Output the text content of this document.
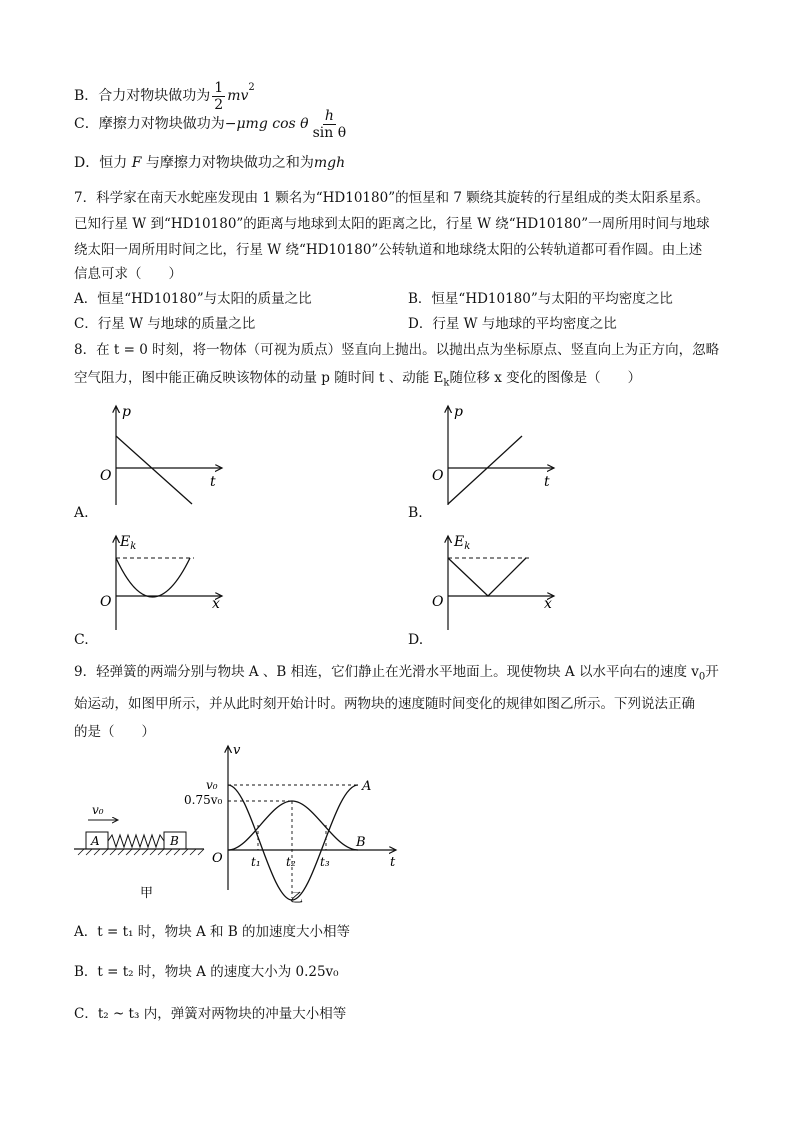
B．合力对物块做功为 $\frac{1}{2} mv^2$
C．摩擦力对物块做功为−μmg cos θ $\frac{h}{\text{sin θ}}$
D．恒力 F 与摩擦力对物块做功之和为mgh
7．科学家在南天水蛇座发现由 1 颗名为“HD10180”的恒星和 7 颗绕其旋转的行星组成的类太阳系星系。
已知行星 W 到“HD10180”的距离与地球到太阳的距离之比，行星 W 绕“HD10180”一周所用时间与地球
绕太阳一周所用时间之比，行星 W 绕“HD10180”公转轨道和地球绕太阳的公转轨道都可看作圆。由上述
信息可求（　　）
A．恒星“HD10180”与太阳的质量之比	B．恒星“HD10180”与太阳的平均密度之比
C．行星 W 与地球的质量之比	D．行星 W 与地球的平均密度之比
8．在 t = 0 时刻，将一物体（可视为质点）竖直向上抛出。以抛出点为坐标原点、竖直向上为正方向，忽略
空气阻力，图中能正确反映该物体的动量 p 随时间 t 、动能 $E_k$随位移 x 变化的图像是（　　）
p
O	t
A.
p
O	t
B.
$E_k$
O	x
C.
$E_k$
O	x
D.
9．轻弹簧的两端分别与物块 A 、B 相连，它们静止在光滑水平地面上。现使物块 A 以水平向右的速度 $v_0$开
始运动，如图甲所示，并从此时刻开始计时。两物块的速度随时间变化的规律如图乙所示。下列说法正确
的是（　　）
v₀
A	B
甲
v
v₀
0.75v₀
O
A
B
t₁ t₂ t₃	t
乙
A．t = t₁ 时，物块 A 和 B 的加速度大小相等
B．t = t₂ 时，物块 A 的速度大小为 0.25v₀
C．t₂ ~ t₃ 内，弹簧对两物块的冲量大小相等
